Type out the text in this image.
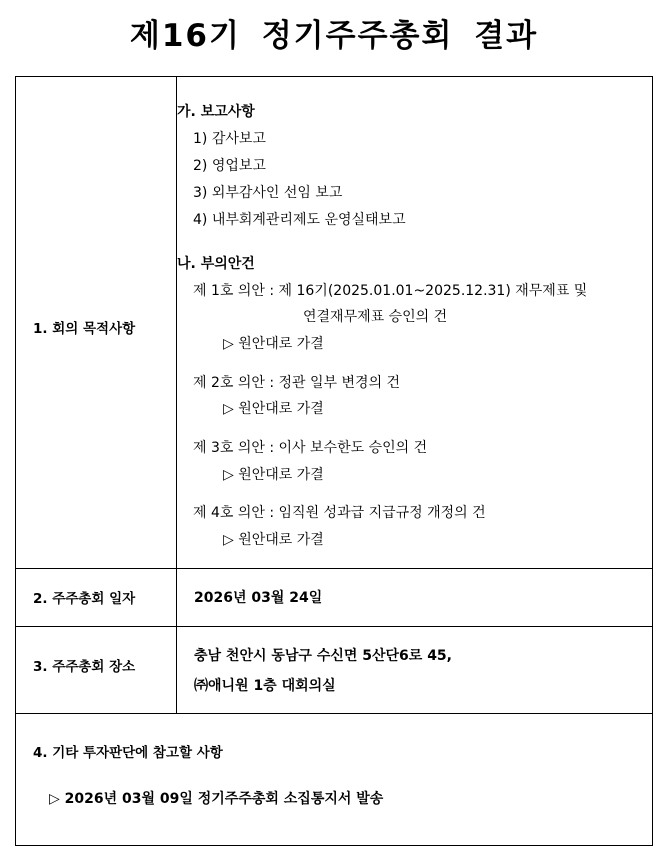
제16기 정기주주총회 결과
1. 회의 목적사항
가. 보고사항
1) 감사보고
2) 영업보고
3) 외부감사인 선임 보고
4) 내부회계관리제도 운영실태보고
나. 부의안건
제 1호 의안 : 제 16기(2025.01.01~2025.12.31) 재무제표 및
연결재무제표 승인의 건
▷ 원안대로 가결
제 2호 의안 : 정관 일부 변경의 건
▷ 원안대로 가결
제 3호 의안 : 이사 보수한도 승인의 건
▷ 원안대로 가결
제 4호 의안 : 임직원 성과급 지급규정 개정의 건
▷ 원안대로 가결
2. 주주총회 일자	2026년 03월 24일
3. 주주총회 장소
충남 천안시 동남구 수신면 5산단6로 45,
㈜애니원 1층 대회의실
4. 기타 투자판단에 참고할 사항
▷ 2026년 03월 09일 정기주주총회 소집통지서 발송
